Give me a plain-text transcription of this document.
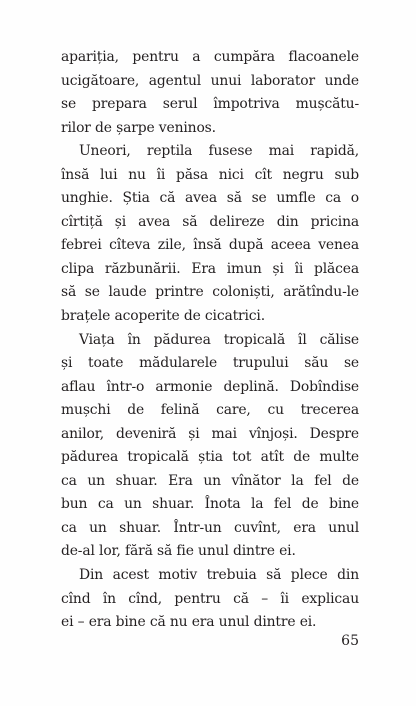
apariția, pentru a cumpăra flacoanele
ucigătoare, agentul unui laborator unde
se prepara serul împotriva mușcătu-
rilor de șarpe veninos.
Uneori, reptila fusese mai rapidă,
însă lui nu îi păsa nici cît negru sub
unghie. Știa că avea să se umfle ca o
cîrtiță și avea să delireze din pricina
febrei cîteva zile, însă după aceea venea
clipa răzbunării. Era imun și îi plăcea
să se laude printre coloniști, arătîndu-le
brațele acoperite de cicatrici.
Viața în pădurea tropicală îl călise
și toate mădularele trupului său se
aflau într-o armonie deplină. Dobîndise
mușchi de felină care, cu trecerea
anilor, deveniră și mai vînjoși. Despre
pădurea tropicală știa tot atît de multe
ca un shuar. Era un vînător la fel de
bun ca un shuar. Înota la fel de bine
ca un shuar. Într-un cuvînt, era unul
de-al lor, fără să fie unul dintre ei.
Din acest motiv trebuia să plece din
cînd în cînd, pentru că – îi explicau
ei – era bine că nu era unul dintre ei.
65
